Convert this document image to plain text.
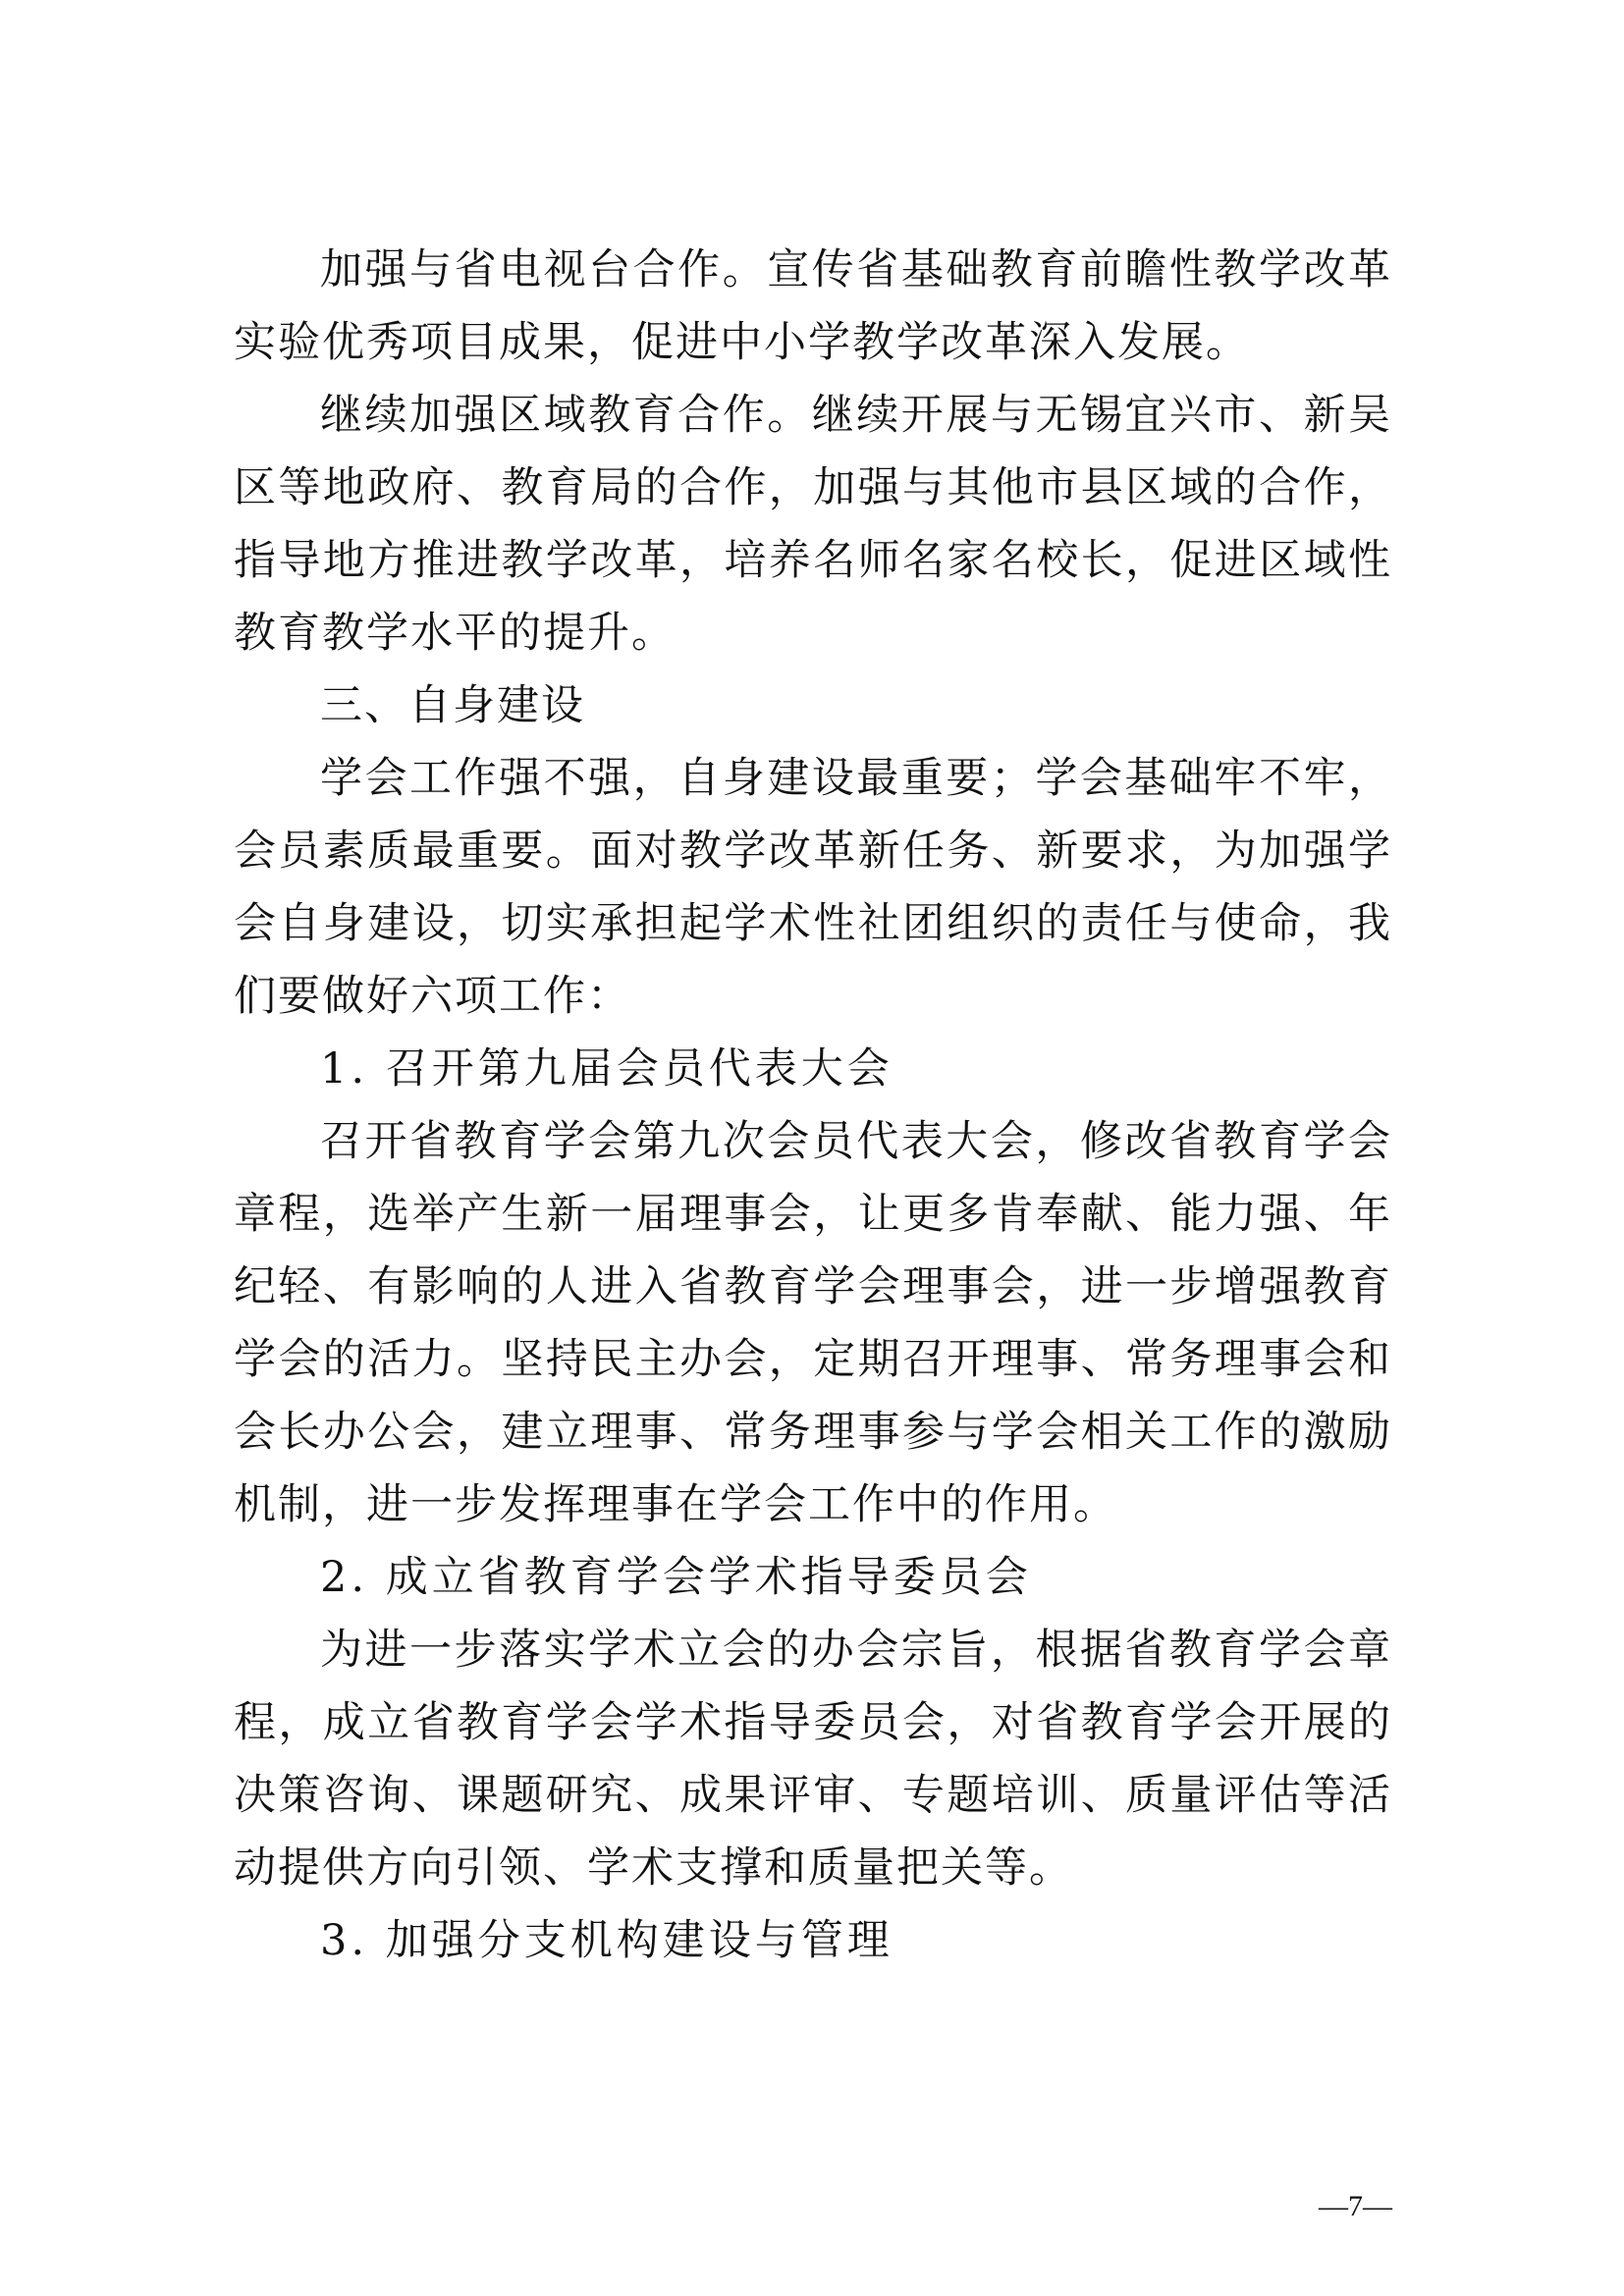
加强与省电视台合作。宣传省基础教育前瞻性教学改革实验优秀项目成果，促进中小学教学改革深入发展。

继续加强区域教育合作。继续开展与无锡宜兴市、新吴区等地政府、教育局的合作，加强与其他市县区域的合作，指导地方推进教学改革，培养名师名家名校长，促进区域性教育教学水平的提升。

三、自身建设

学会工作强不强，自身建设最重要；学会基础牢不牢，会员素质最重要。面对教学改革新任务、新要求，为加强学会自身建设，切实承担起学术性社团组织的责任与使命，我们要做好六项工作：

1. 召开第九届会员代表大会

召开省教育学会第九次会员代表大会，修改省教育学会章程，选举产生新一届理事会，让更多肯奉献、能力强、年纪轻、有影响的人进入省教育学会理事会，进一步增强教育学会的活力。坚持民主办会，定期召开理事、常务理事会和会长办公会，建立理事、常务理事参与学会相关工作的激励机制，进一步发挥理事在学会工作中的作用。

2. 成立省教育学会学术指导委员会

为进一步落实学术立会的办会宗旨，根据省教育学会章程，成立省教育学会学术指导委员会，对省教育学会开展的决策咨询、课题研究、成果评审、专题培训、质量评估等活动提供方向引领、学术支撑和质量把关等。

3. 加强分支机构建设与管理
—7—
